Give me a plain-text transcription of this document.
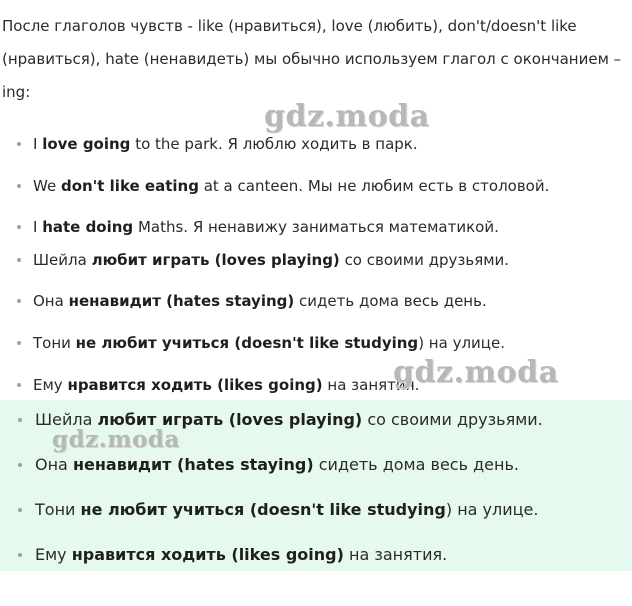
После глаголов чувств - like (нравиться), love (любить), don't/doesn't like (нравиться), hate (ненавидеть) мы обычно используем глагол с окончанием –ing:

I love going to the park. Я люблю ходить в парк.
We don't like eating at a canteen. Мы не любим есть в столовой.
I hate doing Maths. Я ненавижу заниматься математикой.
Шейла любит играть (loves playing) со своими друзьями.
Она ненавидит (hates staying) сидеть дома весь день.
Тони не любит учиться (doesn't like studying) на улице.
Ему нравится ходить (likes going) на занятия.
Шейла любит играть (loves playing) со своими друзьями.
Она ненавидит (hates staying) сидеть дома весь день.
Тони не любит учиться (doesn't like studying) на улице.
Ему нравится ходить (likes going) на занятия.
gdz.moda
gdz.moda
gdz.moda
